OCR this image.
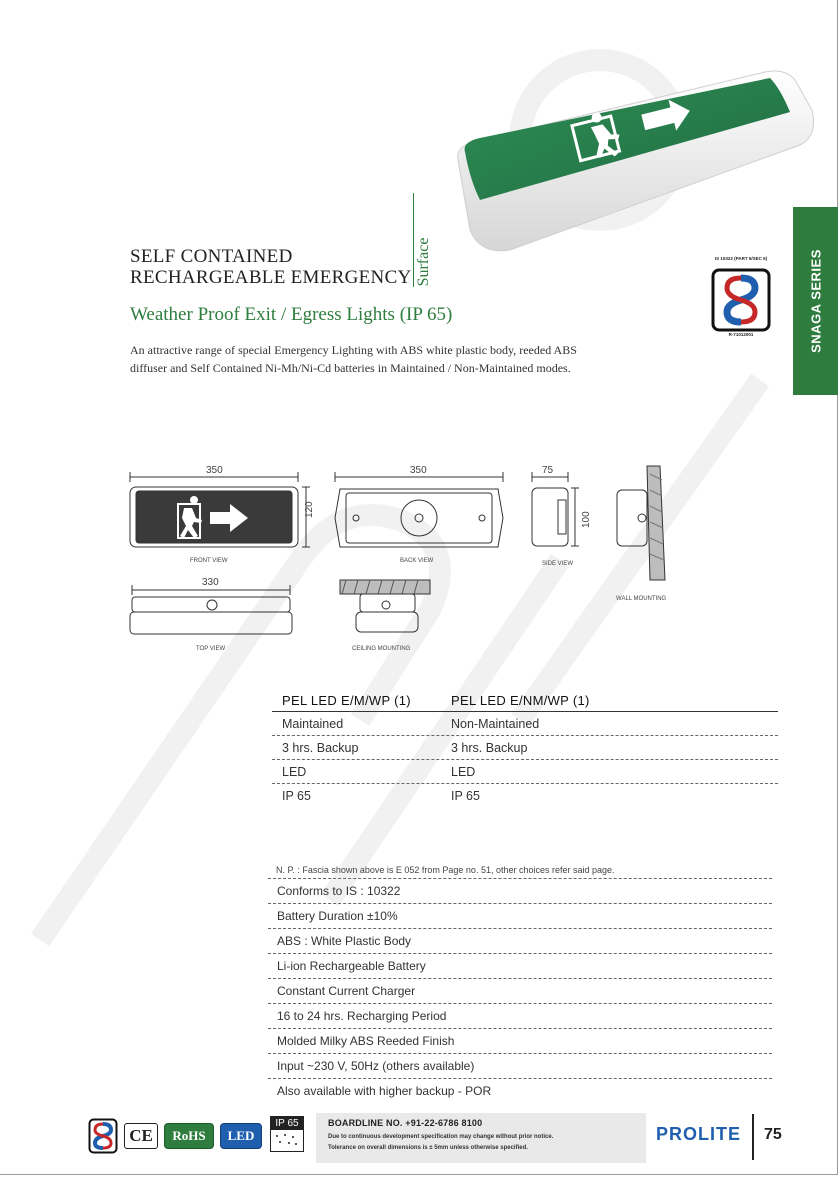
SNAGA SERIES
Surface
SELF CONTAINED
RECHARGEABLE EMERGENCY
Weather Proof Exit / Egress Lights (IP 65)
An attractive range of special Emergency Lighting with ABS white plastic body, reeded ABS diffuser and Self Contained Ni-Mh/Ni-Cd batteries in Maintained / Non-Maintained modes.
IS 10322 (PART 5/SEC 5)
R-71012001
350
120
FRONT VIEW
350
BACK VIEW
75
100
SIDE VIEW
WALL MOUNTING
330
TOP VIEW	CEILING MOUNTING
PEL LED E/M/WP (1)	PEL LED E/NM/WP (1)
Maintained	Non-Maintained
3 hrs. Backup	3 hrs. Backup
LED	LED
IP 65	IP 65
N. P. : Fascia shown above is E 052 from Page no. 51, other choices refer said page.
Conforms to IS : 10322
Battery Duration ±10%
ABS : White Plastic Body
Li-ion Rechargeable Battery
Constant Current Charger
16 to 24 hrs. Recharging Period
Molded Milky ABS Reeded Finish
Input ~230 V, 50Hz (others available)
Also available with higher backup - POR
CE RoHS LED
IP 65	BOARDLINE NO. +91-22-6786 8100
Due to continuous development specification may change without prior notice.
Tolerance on overall dimensions is ± 5mm unless otherwise specified.
PROLITE 75
